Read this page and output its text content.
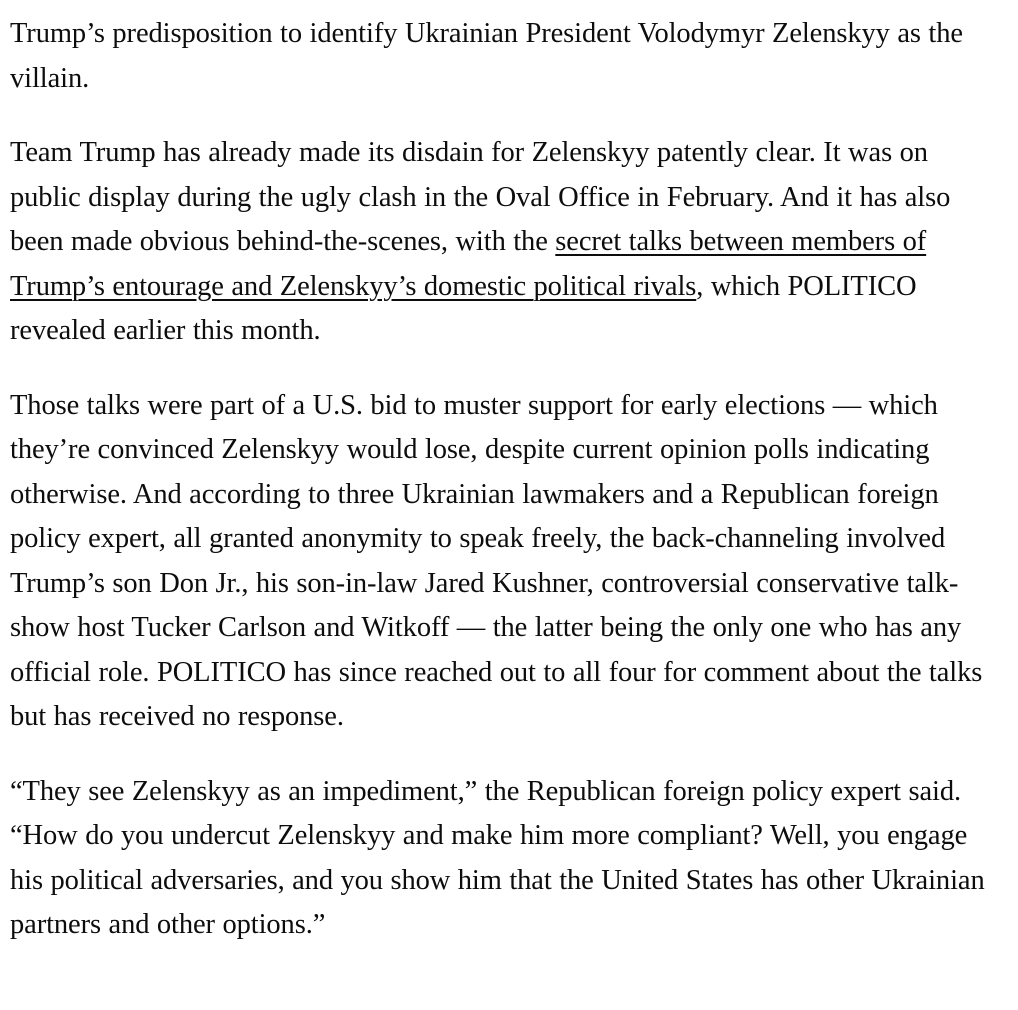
Trump’s predisposition to identify Ukrainian President Volodymyr Zelenskyy as the villain.

Team Trump has already made its disdain for Zelenskyy patently clear. It was on public display during the ugly clash in the Oval Office in February. And it has also been made obvious behind-the-scenes, with the secret talks between members of Trump’s entourage and Zelenskyy’s domestic political rivals, which POLITICO revealed earlier this month.

Those talks were part of a U.S. bid to muster support for early elections — which they’re convinced Zelenskyy would lose, despite current opinion polls indicating otherwise. And according to three Ukrainian lawmakers and a Republican foreign policy expert, all granted anonymity to speak freely, the back-channeling involved Trump’s son Don Jr., his son-in-law Jared Kushner, controversial conservative talk-show host Tucker Carlson and Witkoff — the latter being the only one who has any official role. POLITICO has since reached out to all four for comment about the talks but has received no response.

“They see Zelenskyy as an impediment,” the Republican foreign policy expert said. “How do you undercut Zelenskyy and make him more compliant? Well, you engage his political adversaries, and you show him that the United States has other Ukrainian partners and other options.”
